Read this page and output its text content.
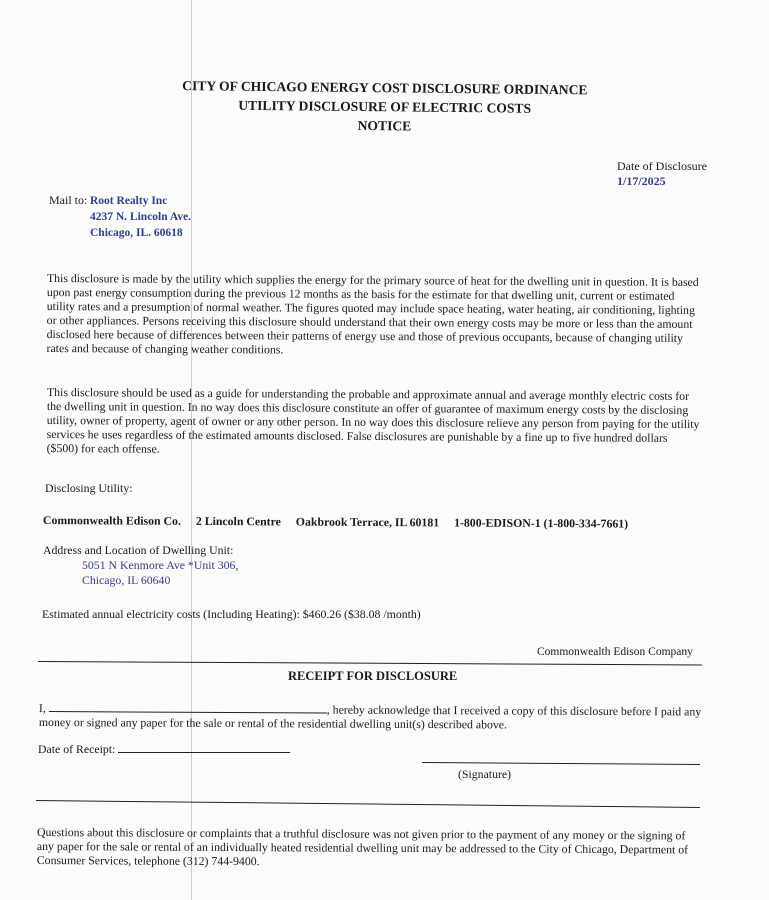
CITY OF CHICAGO ENERGY COST DISCLOSURE ORDINANCE
UTILITY DISCLOSURE OF ELECTRIC COSTS
NOTICE
Date of Disclosure
1/17/2025
Mail to: Root Realty Inc
4237 N. Lincoln Ave.
Chicago, IL. 60618
This disclosure is made by the utility which supplies the energy for the primary source of heat for the dwelling unit in question. It is based upon past energy consumption during the previous 12 months as the basis for the estimate for that dwelling unit, current or estimated utility rates and a presumption of normal weather. The figures quoted may include space heating, water heating, air conditioning, lighting or other appliances. Persons receiving this disclosure should understand that their own energy costs may be more or less than the amount disclosed here because of differences between their patterns of energy use and those of previous occupants, because of changing utility rates and because of changing weather conditions.
This disclosure should be used as a guide for understanding the probable and approximate annual and average monthly electric costs for the dwelling unit in question. In no way does this disclosure constitute an offer of guarantee of maximum energy costs by the disclosing utility, owner of property, agent of owner or any other person. In no way does this disclosure relieve any person from paying for the utility services he uses regardless of the estimated amounts disclosed. False disclosures are punishable by a fine up to five hundred dollars ($500) for each offense.
Disclosing Utility:
Commonwealth Edison Co. 2 Lincoln Centre Oakbrook Terrace, IL 60181 1-800-EDISON-1 (1-800-334-7661)
Address and Location of Dwelling Unit:
5051 N Kenmore Ave *Unit 306,
Chicago, IL 60640
Estimated annual electricity costs (Including Heating): $460.26 ($38.08 /month)
Commonwealth Edison Company
RECEIPT FOR DISCLOSURE
I,	, hereby acknowledge that I received a copy of this disclosure before I paid any money or signed any paper for the sale or rental of the residential dwelling unit(s) described above.
Date of Receipt:
(Signature)
Questions about this disclosure or complaints that a truthful disclosure was not given prior to the payment of any money or the signing of any paper for the sale or rental of an individually heated residential dwelling unit may be addressed to the City of Chicago, Department of Consumer Services, telephone (312) 744-9400.
